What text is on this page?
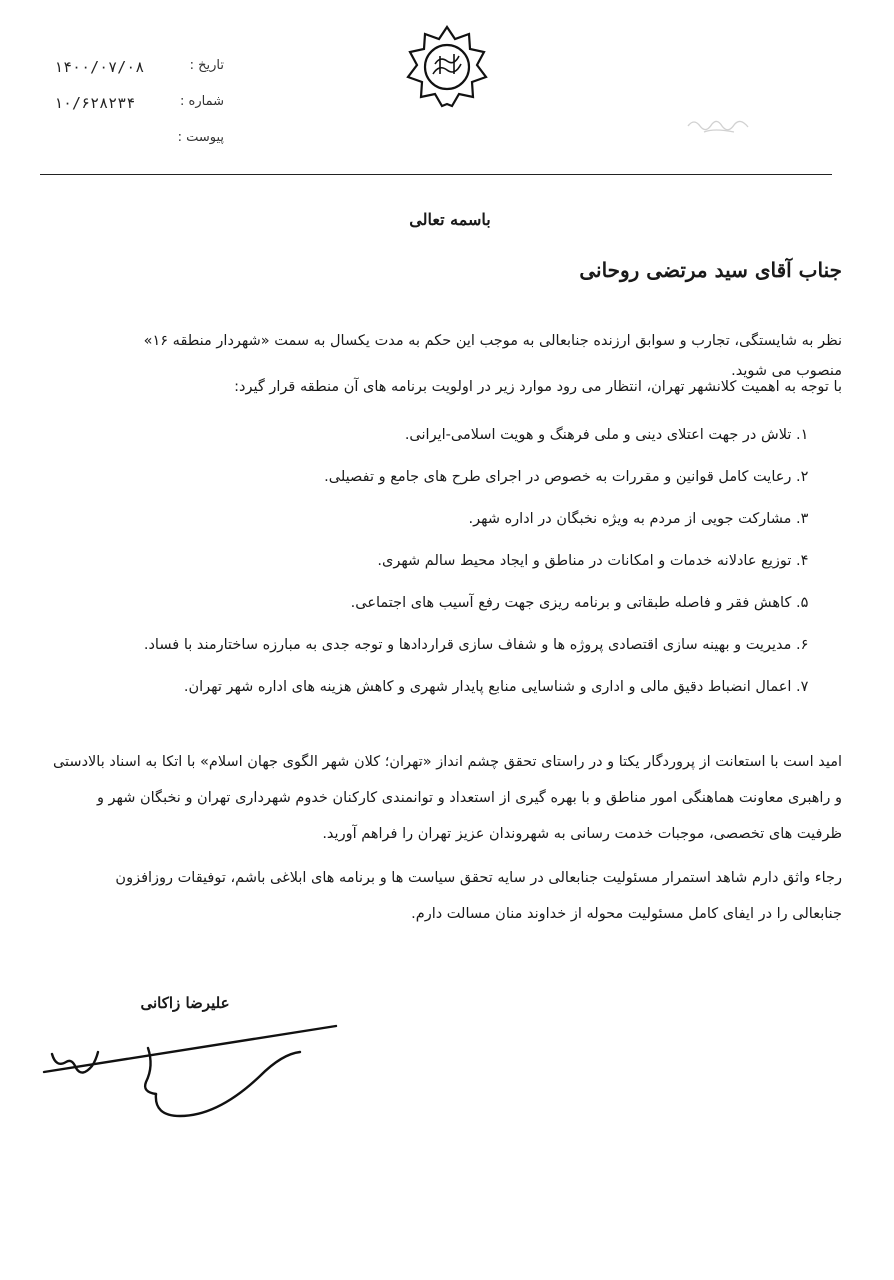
تاریخ :
۱۴۰۰/۰۷/۰۸
شماره :
۱۰/۶۲۸۲۳۴
پیوست :
باسمه تعالی
جناب آقای سید مرتضی روحانی
نظر به شایستگی، تجارب و سوابق ارزنده جنابعالی به موجب این حکم به مدت یکسال به سمت «شهردار منطقه ۱۶» منصوب می شوید.
با توجه به اهمیت کلانشهر تهران، انتظار می رود موارد زیر در اولویت برنامه های آن منطقه قرار گیرد:
۱. تلاش در جهت اعتلای دینی و ملی فرهنگ و هویت اسلامی-ایرانی.
۲. رعایت کامل قوانین و مقررات به خصوص در اجرای طرح های جامع و تفصیلی.
۳. مشارکت جویی از مردم به ویژه نخبگان در اداره شهر.
۴. توزیع عادلانه خدمات و امکانات در مناطق و ایجاد محیط سالم شهری.
۵. کاهش فقر و فاصله طبقاتی و برنامه ریزی جهت رفع آسیب های اجتماعی.
۶. مدیریت و بهینه سازی اقتصادی پروژه ها و شفاف سازی قراردادها و توجه جدی به مبارزه ساختارمند با فساد.
۷. اعمال انضباط دقیق مالی و اداری و شناسایی منابع پایدار شهری و کاهش هزینه های اداره شهر تهران.
امید است با استعانت از پروردگار یکتا و در راستای تحقق چشم انداز «تهران؛ کلان شهر الگوی جهان اسلام» با اتکا به اسناد بالادستی و راهبری معاونت هماهنگی امور مناطق و با بهره گیری از استعداد و توانمندی کارکنان خدوم شهرداری تهران و نخبگان شهر و ظرفیت های تخصصی، موجبات خدمت رسانی به شهروندان عزیز تهران را فراهم آورید.
رجاء واثق دارم شاهد استمرار مسئولیت جنابعالی در سایه تحقق سیاست ها و برنامه های ابلاغی باشم، توفیقات روزافزون جنابعالی را در ایفای کامل مسئولیت محوله از خداوند منان مسالت دارم.
علیرضا زاکانی
